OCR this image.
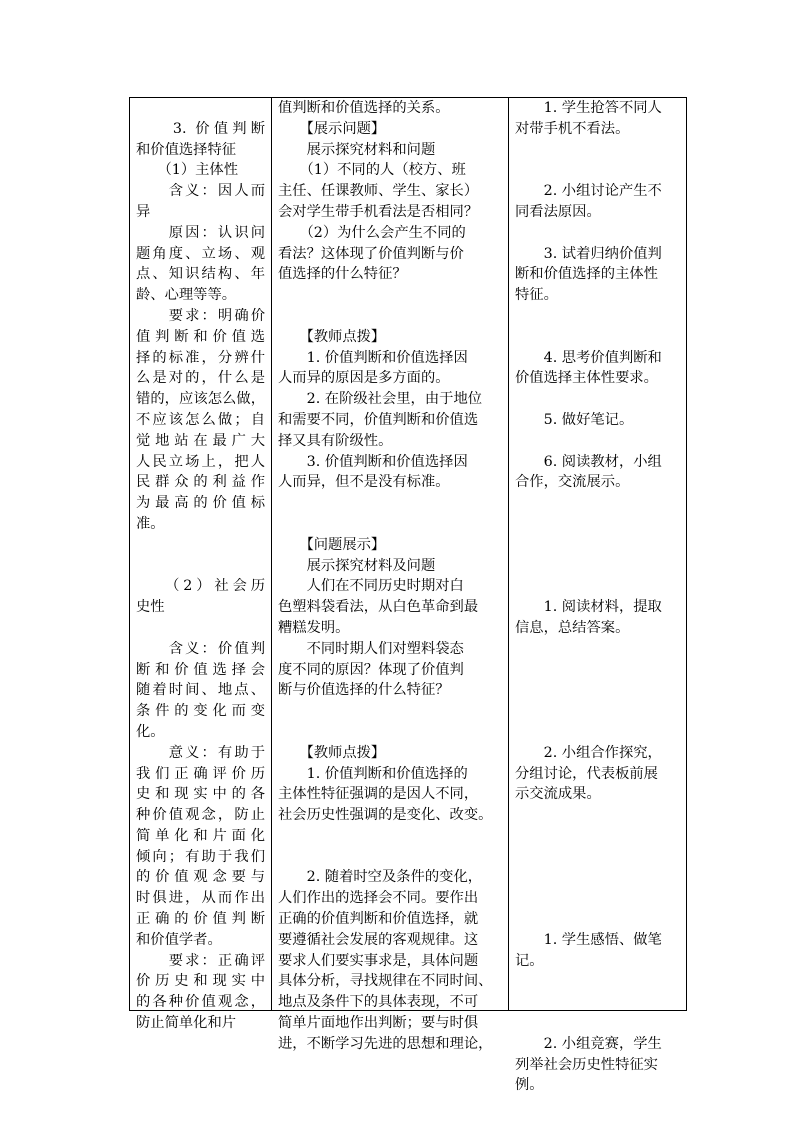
　　3. 价值判断
和价值选择特征
　　（1）主体性
　　含义：因人而
异
　　原因：认识问
题角度、立场、观
点、知识结构、年
龄、心理等等。
　　要求：明确价
值判断和价值选
择的标准，分辨什
么是对的，什么是
错的，应该怎么做，
不应该怎么做；自
觉地站在最广大
人民立场上，把人
民群众的利益作
为最高的价值标
准。
　　（2）社会历
史性
　　含义：价值判
断和价值选择会
随着时间、地点、
条件的变化而变
化。
　　意义：有助于
我们正确评价历
史和现实中的各
种价值观念，防止
简单化和片面化
倾向；有助于我们
的价值观念要与
时俱进，从而作出
正确的价值判断
和价值学者。
　　要求：正确评
价历史和现实中
的各种价值观念，
防止简单化和片
值判断和价值选择的关系。
　　【展示问题】
　　展示探究材料和问题
　　（1）不同的人（校方、班
主任、任课教师、学生、家长）
会对学生带手机看法是否相同？
　　（2）为什么会产生不同的
看法？这体现了价值判断与价
值选择的什么特征？
　　【教师点拨】
　　1. 价值判断和价值选择因
人而异的原因是多方面的。
　　2. 在阶级社会里，由于地位
和需要不同，价值判断和价值选
择又具有阶级性。
　　3. 价值判断和价值选择因
人而异，但不是没有标准。
　　【问题展示】
　　展示探究材料及问题
　　人们在不同历史时期对白
色塑料袋看法，从白色革命到最
糟糕发明。
　　不同时期人们对塑料袋态
度不同的原因？体现了价值判
断与价值选择的什么特征？
　　【教师点拨】
　　1. 价值判断和价值选择的
主体性特征强调的是因人不同，
社会历史性强调的是变化、改变。
　　2. 随着时空及条件的变化，
人们作出的选择会不同。要作出
正确的价值判断和价值选择，就
要遵循社会发展的客观规律。这
要求人们要实事求是，具体问题
具体分析，寻找规律在不同时间、
地点及条件下的具体表现，不可
简单片面地作出判断；要与时俱
进，不断学习先进的思想和理论，
　　1. 学生抢答不同人
对带手机不看法。
　　2. 小组讨论产生不
同看法原因。
　　3. 试着归纳价值判
断和价值选择的主体性
特征。
　　4. 思考价值判断和
价值选择主体性要求。
　　5. 做好笔记。
　　6. 阅读教材，小组
合作，交流展示。
　　1. 阅读材料，提取
信息，总结答案。
　　2. 小组合作探究，
分组讨论，代表板前展
示交流成果。
　　1. 学生感悟、做笔
记。
　　2. 小组竞赛，学生
列举社会历史性特征实
例。
